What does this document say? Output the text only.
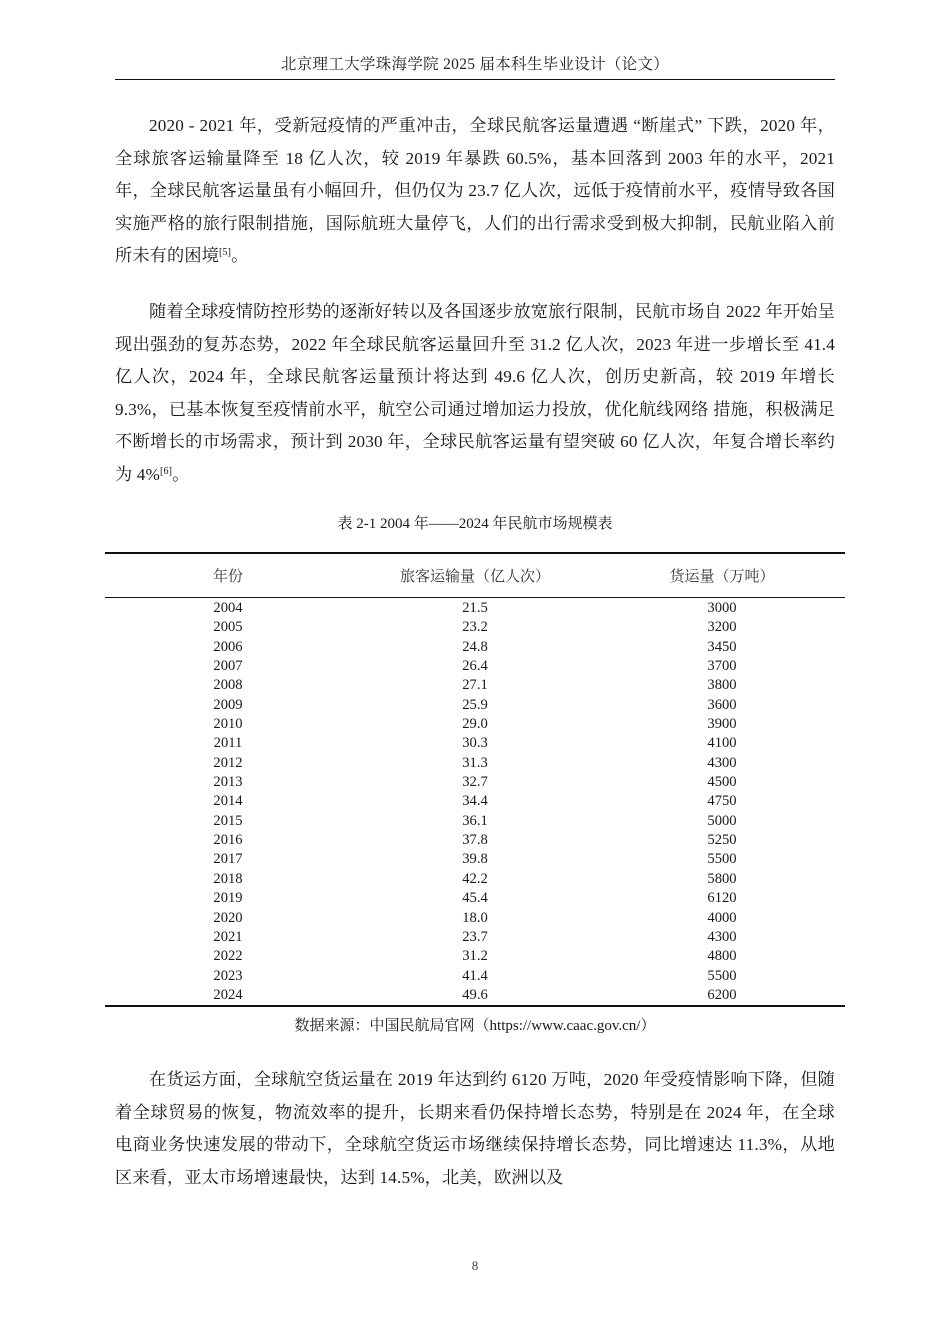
北京理工大学珠海学院 2025 届本科生毕业设计（论文）

2020 - 2021 年，受新冠疫情的严重冲击，全球民航客运量遭遇 “断崖式” 下跌，2020 年，全球旅客运输量降至 18 亿人次，较 2019 年暴跌 60.5%，基本回落到 2003 年的水平，2021 年，全球民航客运量虽有小幅回升，但仍仅为 23.7 亿人次，远低于疫情前水平，疫情导致各国实施严格的旅行限制措施，国际航班大量停飞，人们的出行需求受到极大抑制，民航业陷入前所未有的困境[5]。

随着全球疫情防控形势的逐渐好转以及各国逐步放宽旅行限制，民航市场自 2022 年开始呈现出强劲的复苏态势，2022 年全球民航客运量回升至 31.2 亿人次，2023 年进一步增长至 41.4 亿人次，2024 年，全球民航客运量预计将达到 49.6 亿人次，创历史新高，较 2019 年增长 9.3%，已基本恢复至疫情前水平，航空公司通过增加运力投放，优化航线网络 措施，积极满足不断增长的市场需求，预计到 2030 年，全球民航客运量有望突破 60 亿人次，年复合增长率约为 4%[6]。

表 2-1 2004 年——2024 年民航市场规模表
年份	旅客运输量（亿人次）	货运量（万吨）
2004	21.5	3000
2005	23.2	3200
2006	24.8	3450
2007	26.4	3700
2008	27.1	3800
2009	25.9	3600
2010	29.0	3900
2011	30.3	4100
2012	31.3	4300
2013	32.7	4500
2014	34.4	4750
2015	36.1	5000
2016	37.8	5250
2017	39.8	5500
2018	42.2	5800
2019	45.4	6120
2020	18.0	4000
2021	23.7	4300
2022	31.2	4800
2023	41.4	5500
2024	49.6	6200
数据来源：中国民航局官网（https://www.caac.gov.cn/）

在货运方面，全球航空货运量在 2019 年达到约 6120 万吨，2020 年受疫情影响下降，但随着全球贸易的恢复，物流效率的提升，长期来看仍保持增长态势，特别是在 2024 年，在全球电商业务快速发展的带动下，全球航空货运市场继续保持增长态势，同比增速达 11.3%，从地区来看，亚太市场增速最快，达到 14.5%，北美，欧洲以及

8
